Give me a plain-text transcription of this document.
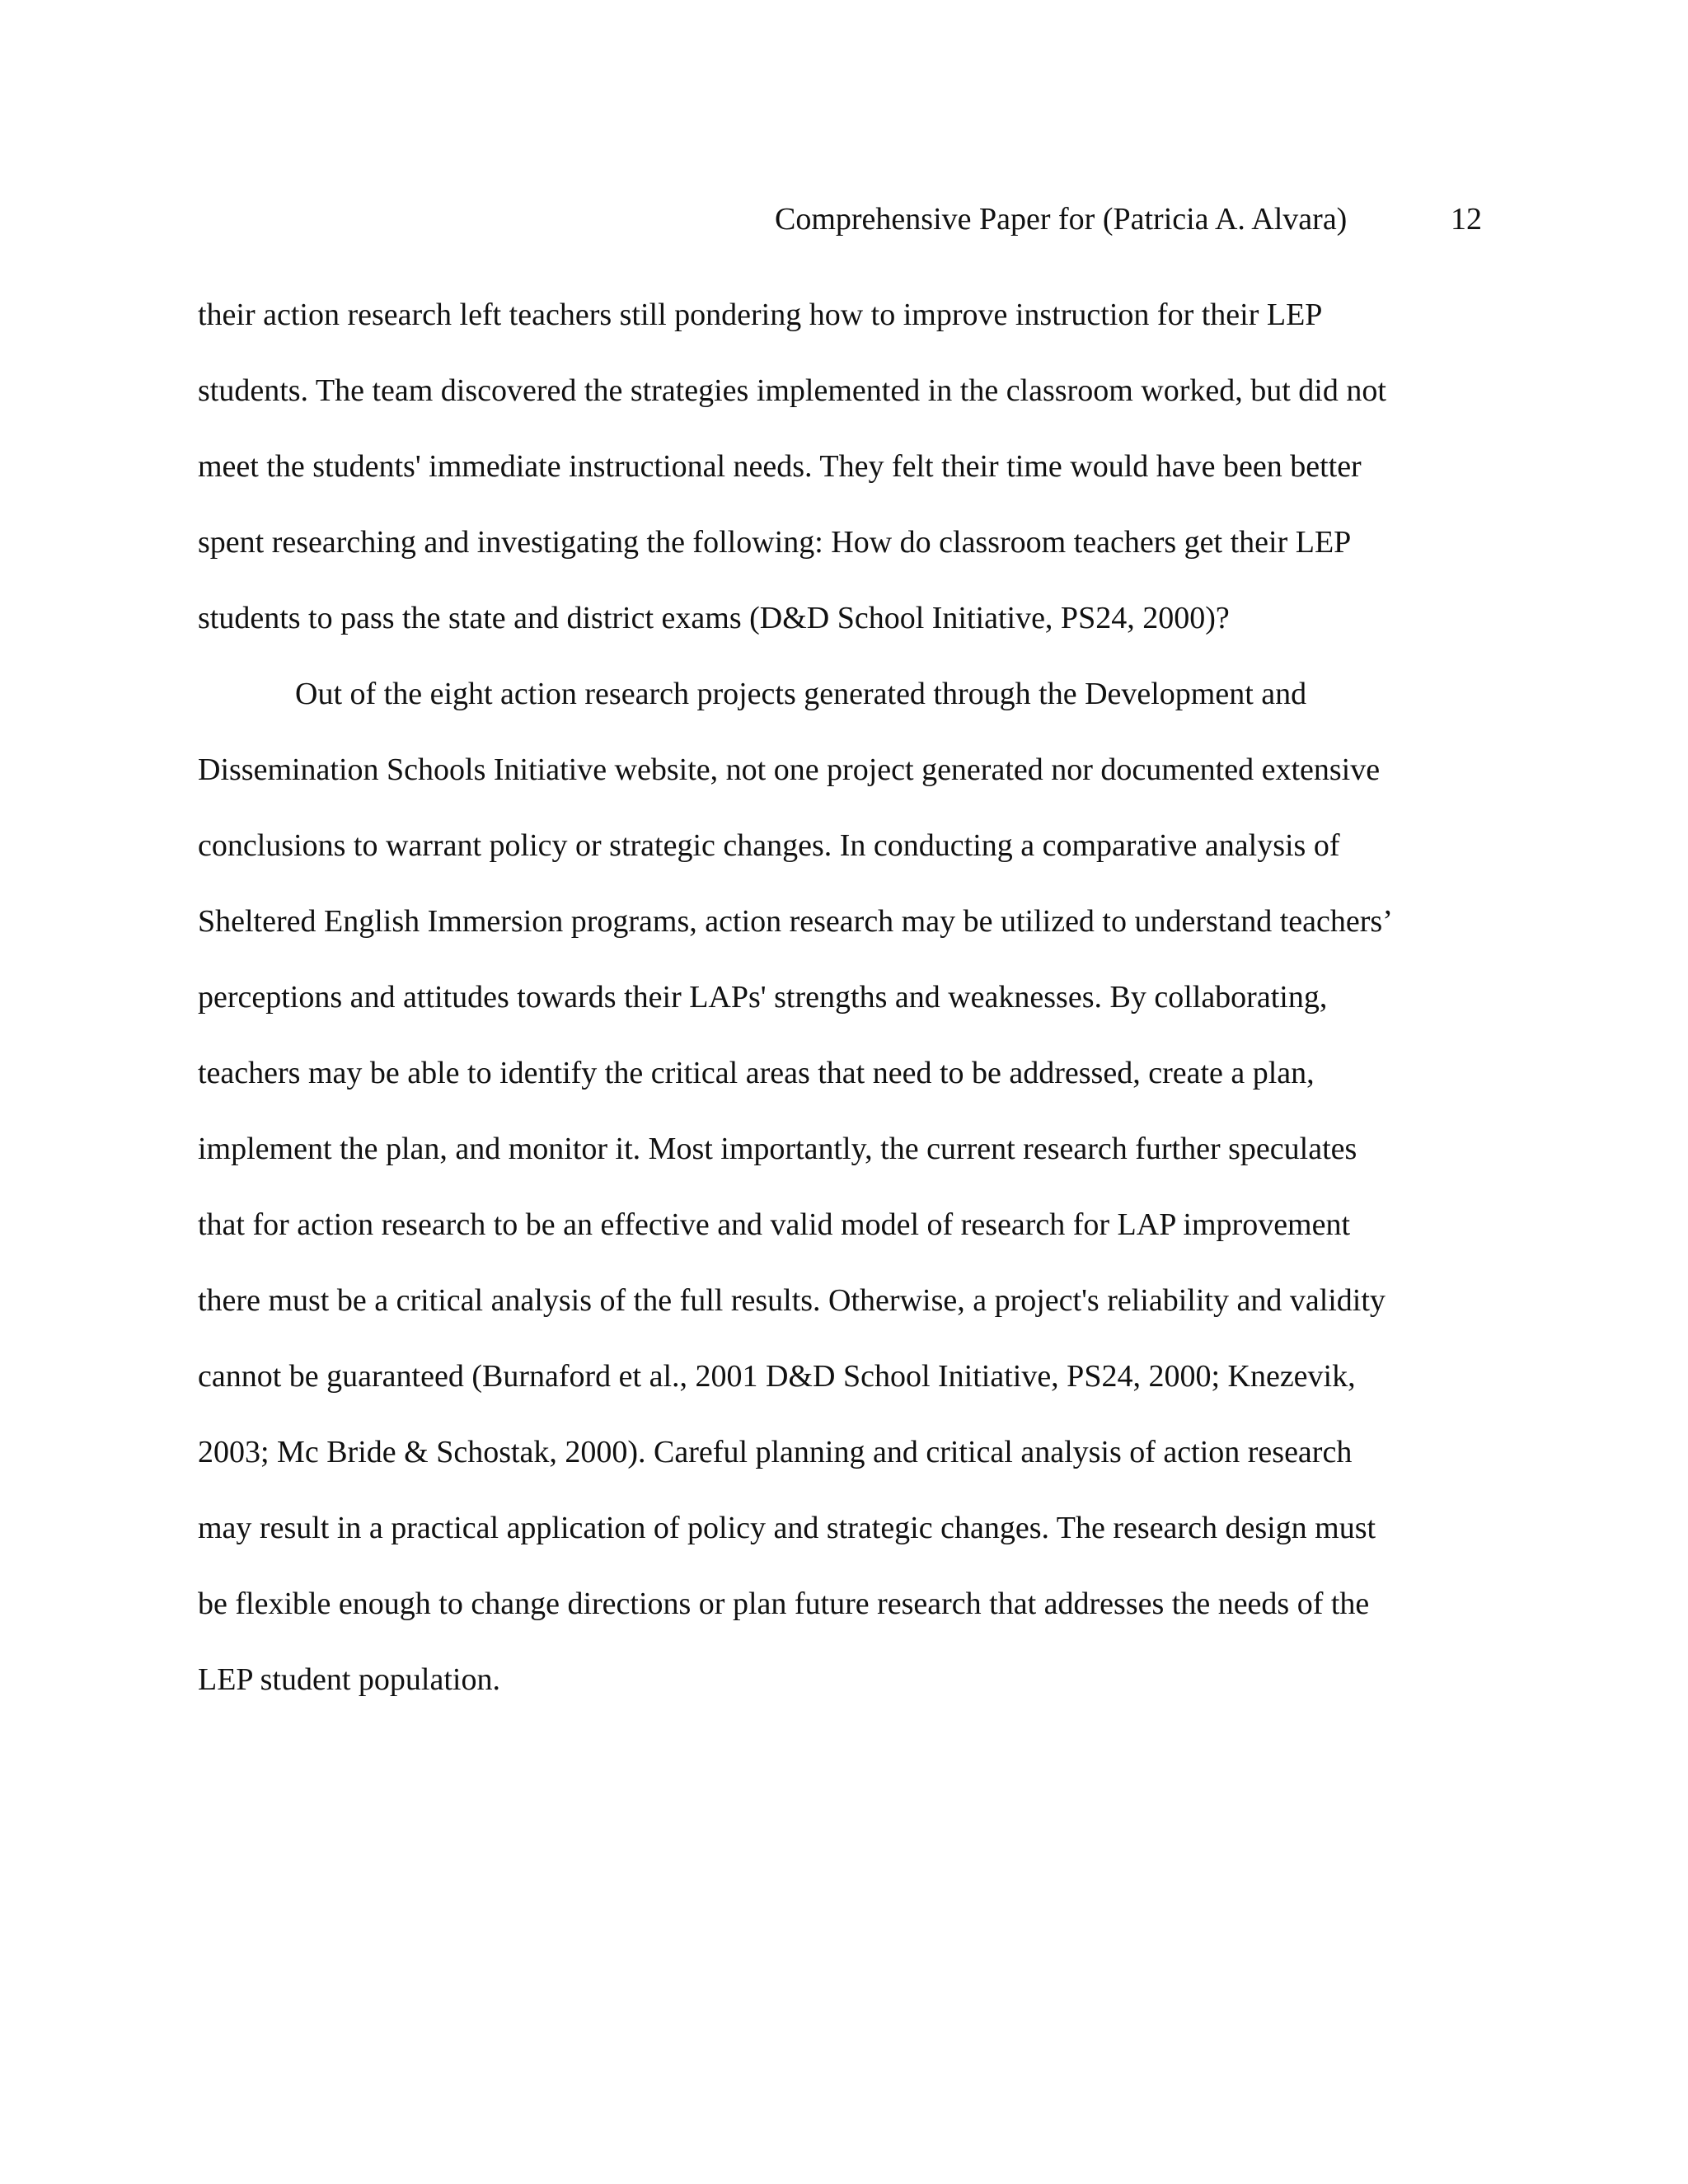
Comprehensive Paper for (Patricia A. Alvara)	12
their action research left teachers still pondering how to improve instruction for their LEP
students. The team discovered the strategies implemented in the classroom worked, but did not
meet the students' immediate instructional needs. They felt their time would have been better
spent researching and investigating the following: How do classroom teachers get their LEP
students to pass the state and district exams (D&D School Initiative, PS24, 2000)?
Out of the eight action research projects generated through the Development and
Dissemination Schools Initiative website, not one project generated nor documented extensive
conclusions to warrant policy or strategic changes. In conducting a comparative analysis of
Sheltered English Immersion programs, action research may be utilized to understand teachers’
perceptions and attitudes towards their LAPs' strengths and weaknesses. By collaborating,
teachers may be able to identify the critical areas that need to be addressed, create a plan,
implement the plan, and monitor it. Most importantly, the current research further speculates
that for action research to be an effective and valid model of research for LAP improvement
there must be a critical analysis of the full results. Otherwise, a project's reliability and validity
cannot be guaranteed (Burnaford et al., 2001 D&D School Initiative, PS24, 2000; Knezevik,
2003; Mc Bride & Schostak, 2000). Careful planning and critical analysis of action research
may result in a practical application of policy and strategic changes. The research design must
be flexible enough to change directions or plan future research that addresses the needs of the
LEP student population.
